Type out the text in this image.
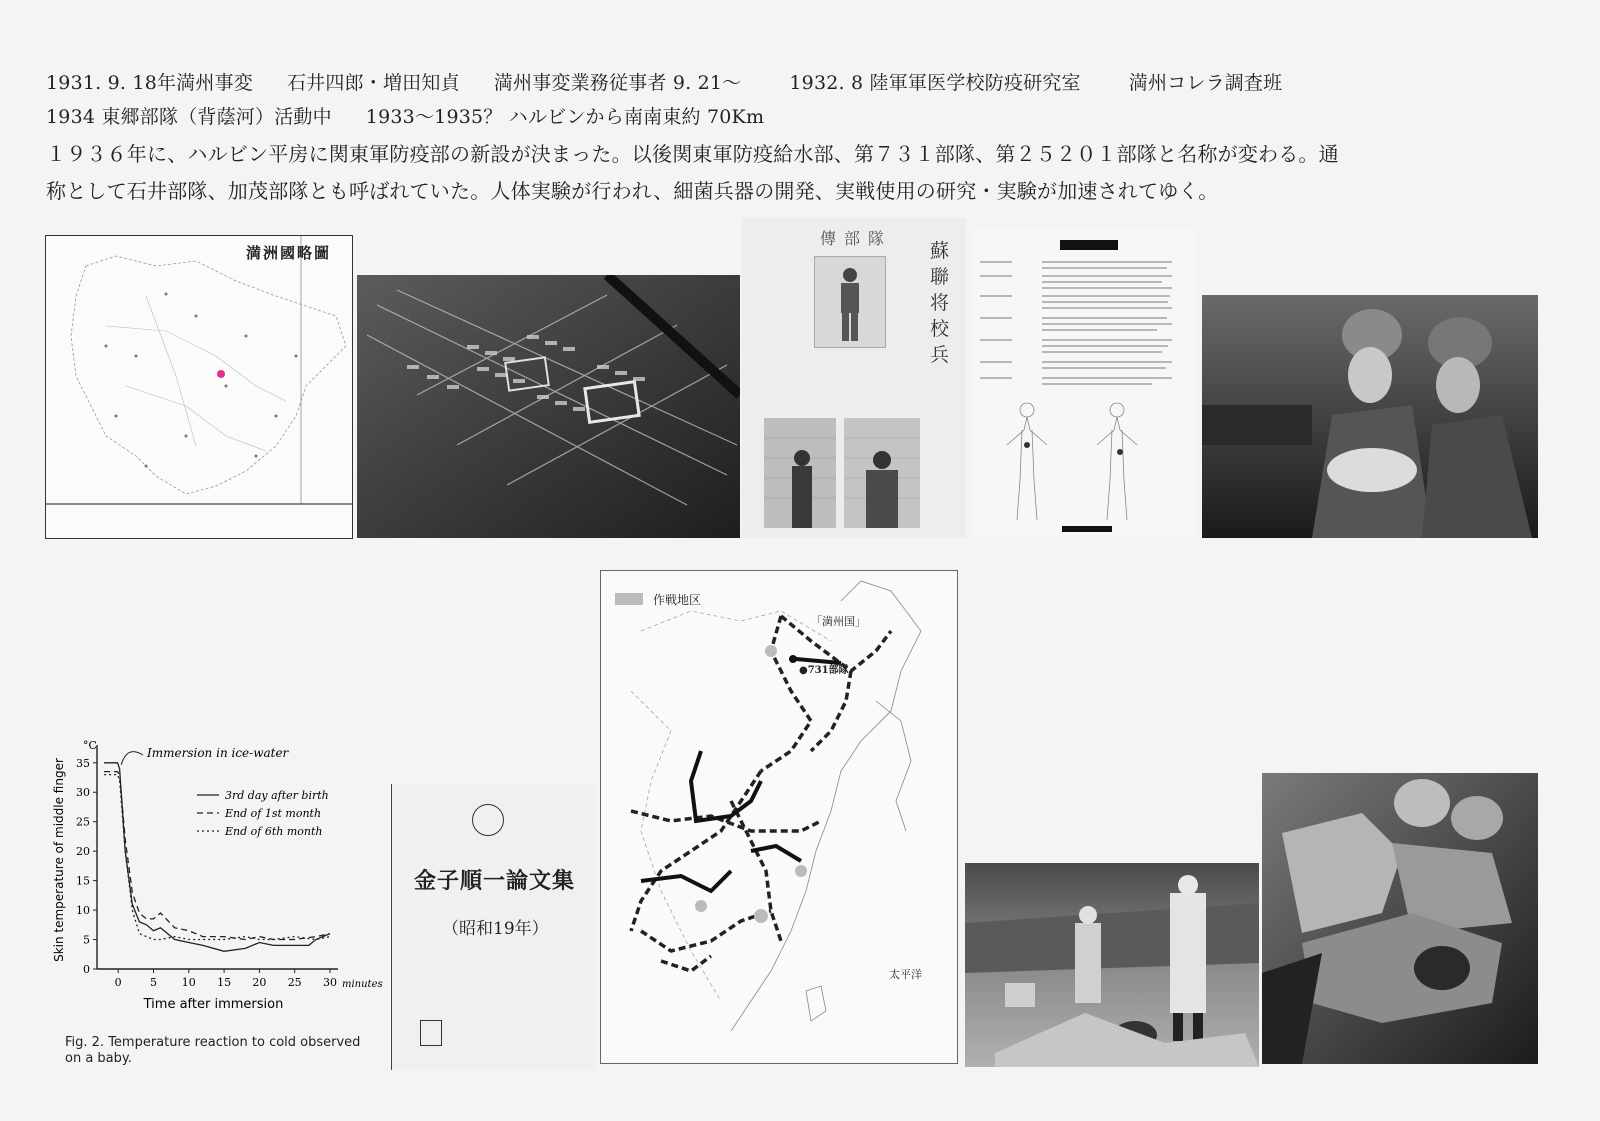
1931. 9. 18年満州事変 石井四郎・増田知貞 満州事変業務従事者 9. 21～	1932. 8 陸軍軍医学校防疫研究室	満州コレラ調査班
1934 東郷部隊（背蔭河）活動中 1933～1935？ ハルビンから南南東約 70Km
１９３６年に、ハルビン平房に関東軍防疫部の新設が決まった。以後関東軍防疫給水部、第７３１部隊、第２５２０１部隊と名称が変わる。通
称として石井部隊、加茂部隊とも呼ばれていた。人体実験が行われ、細菌兵器の開発、実戦使用の研究・実験が加速されてゆく。
満洲國略圖
傳部隊
蘇聯将校兵
0
5
10
15
20
25
30
35
0	5 10 15 20 25 30 minutes
°C
Time after immersion
Skin temperature of middle finger
Immersion in ice-water
3rd day after birth
End of 1st month
End of 6th month
Fig. 2. Temperature reaction to cold observed on a baby.
金子順一論文集
（昭和19年）
作戦地区
「満州国」
●731部隊
太平洋
